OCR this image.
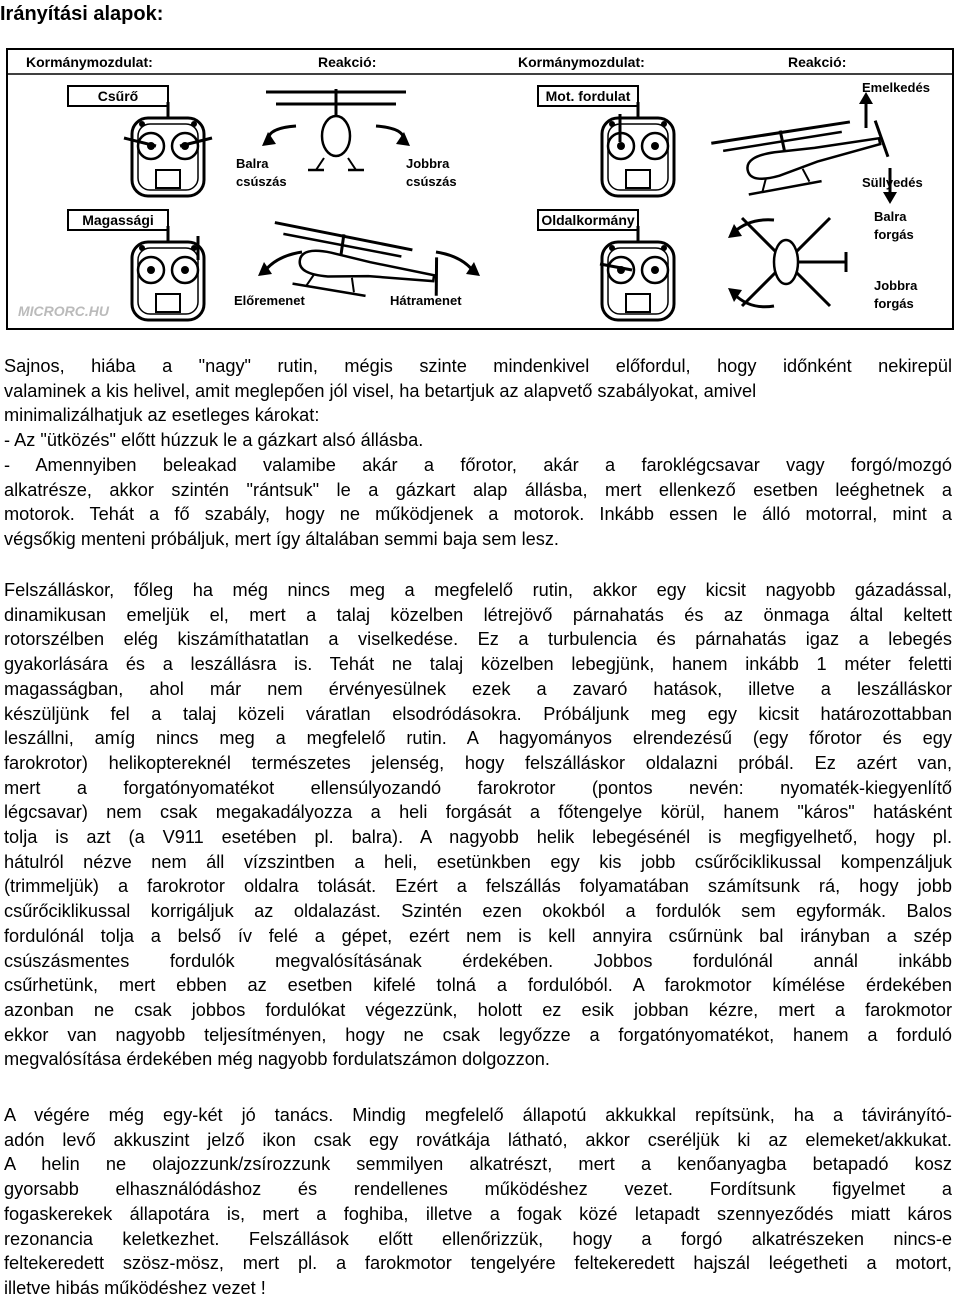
Irányítási alapok:
Kormánymozdulat:	Reakció:	Kormánymozdulat:	Reakció:
Csűrő
Balra
csúszás
Jobbra
csúszás
Mot. fordulat
Emelkedés
Süllyedés
Magassági
Előremenet	Hátramenet
MICRORC.HU
Oldalkormány	Balra
forgás
Jobbra
forgás

Sajnos, hiába a "nagy" rutin, mégis szinte mindenkivel előfordul, hogy időnként nekirepül
valaminek a kis helivel, amit meglepően jól visel, ha betartjuk az alapvető szabályokat, amivel
minimalizálhatjuk az esetleges károkat:
- Az "ütközés" előtt húzzuk le a gázkart alsó állásba.
- Amennyiben beleakad valamibe akár a főrotor, akár a faroklégcsavar vagy forgó/mozgó
alkatrésze, akkor szintén "rántsuk" le a gázkart alap állásba, mert ellenkező esetben leéghetnek a
motorok. Tehát a fő szabály, hogy ne működjenek a motorok. Inkább essen le álló motorral, mint a
végsőkig menteni próbáljuk, mert így általában semmi baja sem lesz.

Felszálláskor, főleg ha még nincs meg a megfelelő rutin, akkor egy kicsit nagyobb gázadással,
dinamikusan emeljük el, mert a talaj közelben létrejövő párnahatás és az önmaga által keltett
rotorszélben elég kiszámíthatatlan a viselkedése. Ez a turbulencia és párnahatás igaz a lebegés
gyakorlására és a leszállásra is. Tehát ne talaj közelben lebegjünk, hanem inkább 1 méter feletti
magasságban, ahol már nem érvényesülnek ezek a zavaró hatások, illetve a leszálláskor
készüljünk fel a talaj közeli váratlan elsodródásokra. Próbáljunk meg egy kicsit határozottabban
leszállni, amíg nincs meg a megfelelő rutin. A hagyományos elrendezésű (egy főrotor és egy
farokrotor) helikoptereknél természetes jelenség, hogy felszálláskor oldalazni próbál. Ez azért van,
mert a forgatónyomatékot ellensúlyozandó farokrotor (pontos nevén: nyomaték-kiegyenlítő
légcsavar) nem csak megakadályozza a heli forgását a főtengelye körül, hanem "káros" hatásként
tolja is azt (a V911 esetében pl. balra). A nagyobb helik lebegésénél is megfigyelhető, hogy pl.
hátulról nézve nem áll vízszintben a heli, esetünkben egy kis jobb csűrőciklikussal kompenzáljuk
(trimmeljük) a farokrotor oldalra tolását. Ezért a felszállás folyamatában számítsunk rá, hogy jobb
csűrőciklikussal korrigáljuk az oldalazást. Szintén ezen okokból a fordulók sem egyformák. Balos
fordulónál tolja a belső ív felé a gépet, ezért nem is kell annyira csűrnünk bal irányban a szép
csúszásmentes fordulók megvalósításának érdekében. Jobbos fordulónál annál inkább
csűrhetünk, mert ebben az esetben kifelé tolná a fordulóból. A farokmotor kímélése érdekében
azonban ne csak jobbos fordulókat végezzünk, holott ez esik jobban kézre, mert a farokmotor
ekkor van nagyobb teljesítményen, hogy ne csak legyőzze a forgatónyomatékot, hanem a forduló
megvalósítása érdekében még nagyobb fordulatszámon dolgozzon.

A végére még egy-két jó tanács. Mindig megfelelő állapotú akkukkal repítsünk, ha a távirányító-
adón levő akkuszint jelző ikon csak egy rovátkája látható, akkor cseréljük ki az elemeket/akkukat.
A helin ne olajozzunk/zsírozzunk semmilyen alkatrészt, mert a kenőanyagba betapadó kosz
gyorsabb elhasználódáshoz és rendellenes működéshez vezet. Fordítsunk figyelmet a
fogaskerekek állapotára is, mert a foghiba, illetve a fogak közé letapadt szennyeződés miatt káros
rezonancia keletkezhet. Felszállások előtt ellenőrizzük, hogy a forgó alkatrészeken nincs-e
feltekeredett szösz-mösz, mert pl. a farokmotor tengelyére feltekeredett hajszál leégetheti a motort,
illetve hibás működéshez vezet !
